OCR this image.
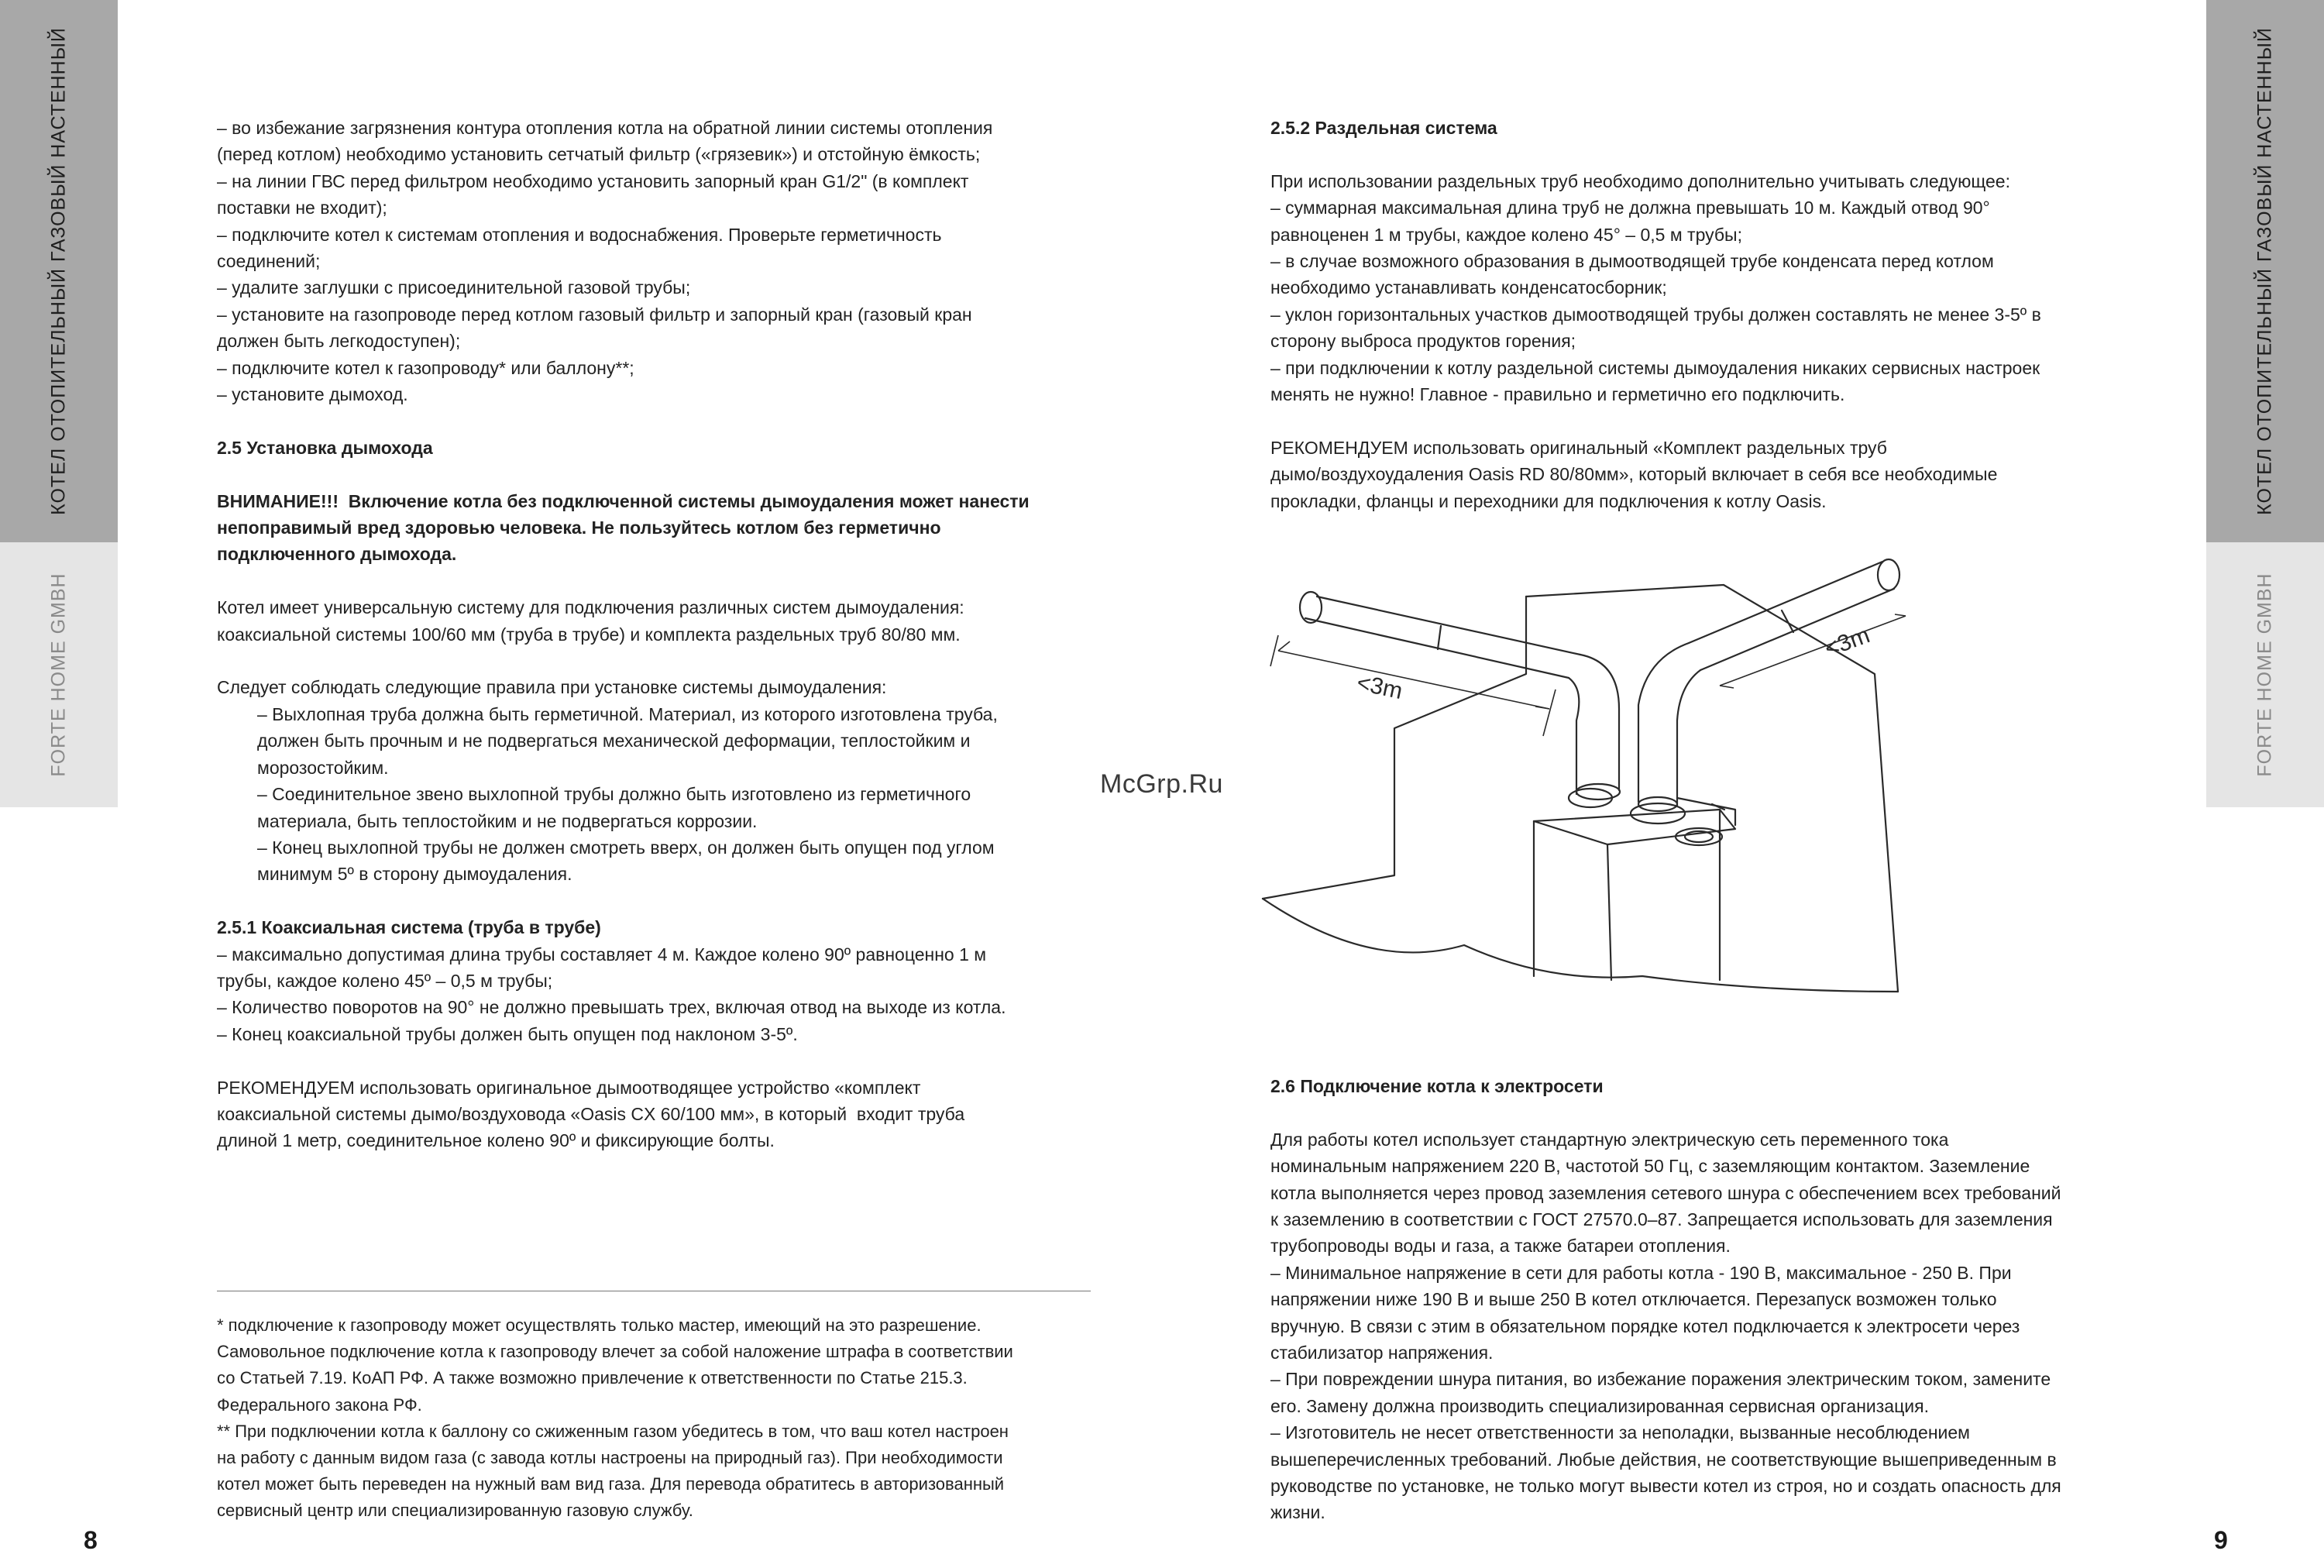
КОТЕЛ ОТОПИТЕЛЬНЫЙ ГАЗОВЫЙ НАСТЕННЫЙ
FORTE HOME GMBH
КОТЕЛ ОТОПИТЕЛЬНЫЙ ГАЗОВЫЙ НАСТЕННЫЙ
FORTE HOME GMBH

– во избежание загрязнения контура отопления котла на обратной линии системы отопления

(перед котлом) необходимо установить сетчатый фильтр («грязевик») и отстойную ёмкость;

– на линии ГВС перед фильтром необходимо установить запорный кран G1/2" (в комплект

поставки не входит);

– подключите котел к системам отопления и водоснабжения. Проверьте герметичность

соединений;

– удалите заглушки с присоединительной газовой трубы;

– установите на газопроводе перед котлом газовый фильтр и запорный кран (газовый кран

должен быть легкодоступен);

– подключите котел к газопроводу* или баллону**;

– установите дымоход.

2.5 Установка дымохода

ВНИМАНИЕ!!!  Включение котла без подключенной системы дымоудаления может нанести

непоправимый вред здоровью человека. Не пользуйтесь котлом без герметично

подключенного дымохода.

Котел имеет универсальную систему для подключения различных систем дымоудаления:

коаксиальной системы 100/60 мм (труба в трубе) и комплекта раздельных труб 80/80 мм.

Следует соблюдать следующие правила при установке системы дымоудаления:

– Выхлопная труба должна быть герметичной. Материал, из которого изготовлена труба,

должен быть прочным и не подвергаться механической деформации, теплостойким и

морозостойким.

– Соединительное звено выхлопной трубы должно быть изготовлено из герметичного

материала, быть теплостойким и не подвергаться коррозии.

– Конец выхлопной трубы не должен смотреть вверх, он должен быть опущен под углом

минимум 5º в сторону дымоудаления.

2.5.1 Коаксиальная система (труба в трубе)

– максимально допустимая длина трубы составляет 4 м. Каждое колено 90º равноценно 1 м

трубы, каждое колено 45º – 0,5 м трубы;

– Количество поворотов на 90° не должно превышать трех, включая отвод на выходе из котла.

– Конец коаксиальной трубы должен быть опущен под наклоном 3-5º.

РЕКОМЕНДУЕМ использовать оригинальное дымоотводящее устройство «комплект

коаксиальной системы дымо/воздуховода «Oasis CX 60/100 мм», в который  входит труба

длиной 1 метр, соединительное колено 90º и фиксирующие болты.

* подключение к газопроводу может осуществлять только мастер, имеющий на это разрешение.

Самовольное подключение котла к газопроводу влечет за собой наложение штрафа в соответствии

со Статьей 7.19. КоАП РФ. А также возможно привлечение к ответственности по Статье 215.3.

Федерального закона РФ.

** При подключении котла к баллону со сжиженным газом убедитесь в том, что ваш котел настроен

на работу с данным видом газа (с завода котлы настроены на природный газ). При необходимости

котел может быть переведен на нужный вам вид газа. Для перевода обратитесь в авторизованный

сервисный центр или специализированную газовую службу.

8
McGrp.Ru

2.5.2 Раздельная система

При использовании раздельных труб необходимо дополнительно учитывать следующее:

– суммарная максимальная длина труб не должна превышать 10 м. Каждый отвод 90°

равноценен 1 м трубы, каждое колено 45° – 0,5 м трубы;

– в случае возможного образования в дымоотводящей трубе конденсата перед котлом

необходимо устанавливать конденсатосборник;

– уклон горизонтальных участков дымоотводящей трубы должен составлять не менее 3-5º в

сторону выброса продуктов горения;

– при подключении к котлу раздельной системы дымоудаления никаких сервисных настроек

менять не нужно! Главное - правильно и герметично его подключить.

РЕКОМЕНДУЕМ использовать оригинальный «Комплект раздельных труб

дымо/воздухоудаления Oasis RD 80/80мм», который включает в себя все необходимые

прокладки, фланцы и переходники для подключения к котлу Oasis.

<3m
<3m

2.6 Подключение котла к электросети

Для работы котел использует стандартную электрическую сеть переменного тока

номинальным напряжением 220 В, частотой 50 Гц, с заземляющим контактом. Заземление

котла выполняется через провод заземления сетевого шнура с обеспечением всех требований

к заземлению в соответствии с ГОСТ 27570.0–87. Запрещается использовать для заземления

трубопроводы воды и газа, а также батареи отопления.

– Минимальное напряжение в сети для работы котла - 190 В, максимальное - 250 В. При

напряжении ниже 190 В и выше 250 В котел отключается. Перезапуск возможен только

вручную. В связи с этим в обязательном порядке котел подключается к электросети через

стабилизатор напряжения.

– При повреждении шнура питания, во избежание поражения электрическим током, замените

его. Замену должна производить специализированная сервисная организация.

– Изготовитель не несет ответственности за неполадки, вызванные несоблюдением

вышеперечисленных требований. Любые действия, не соответствующие вышеприведенным в

руководстве по установке, не только могут вывести котел из строя, но и создать опасность для

жизни.

9
